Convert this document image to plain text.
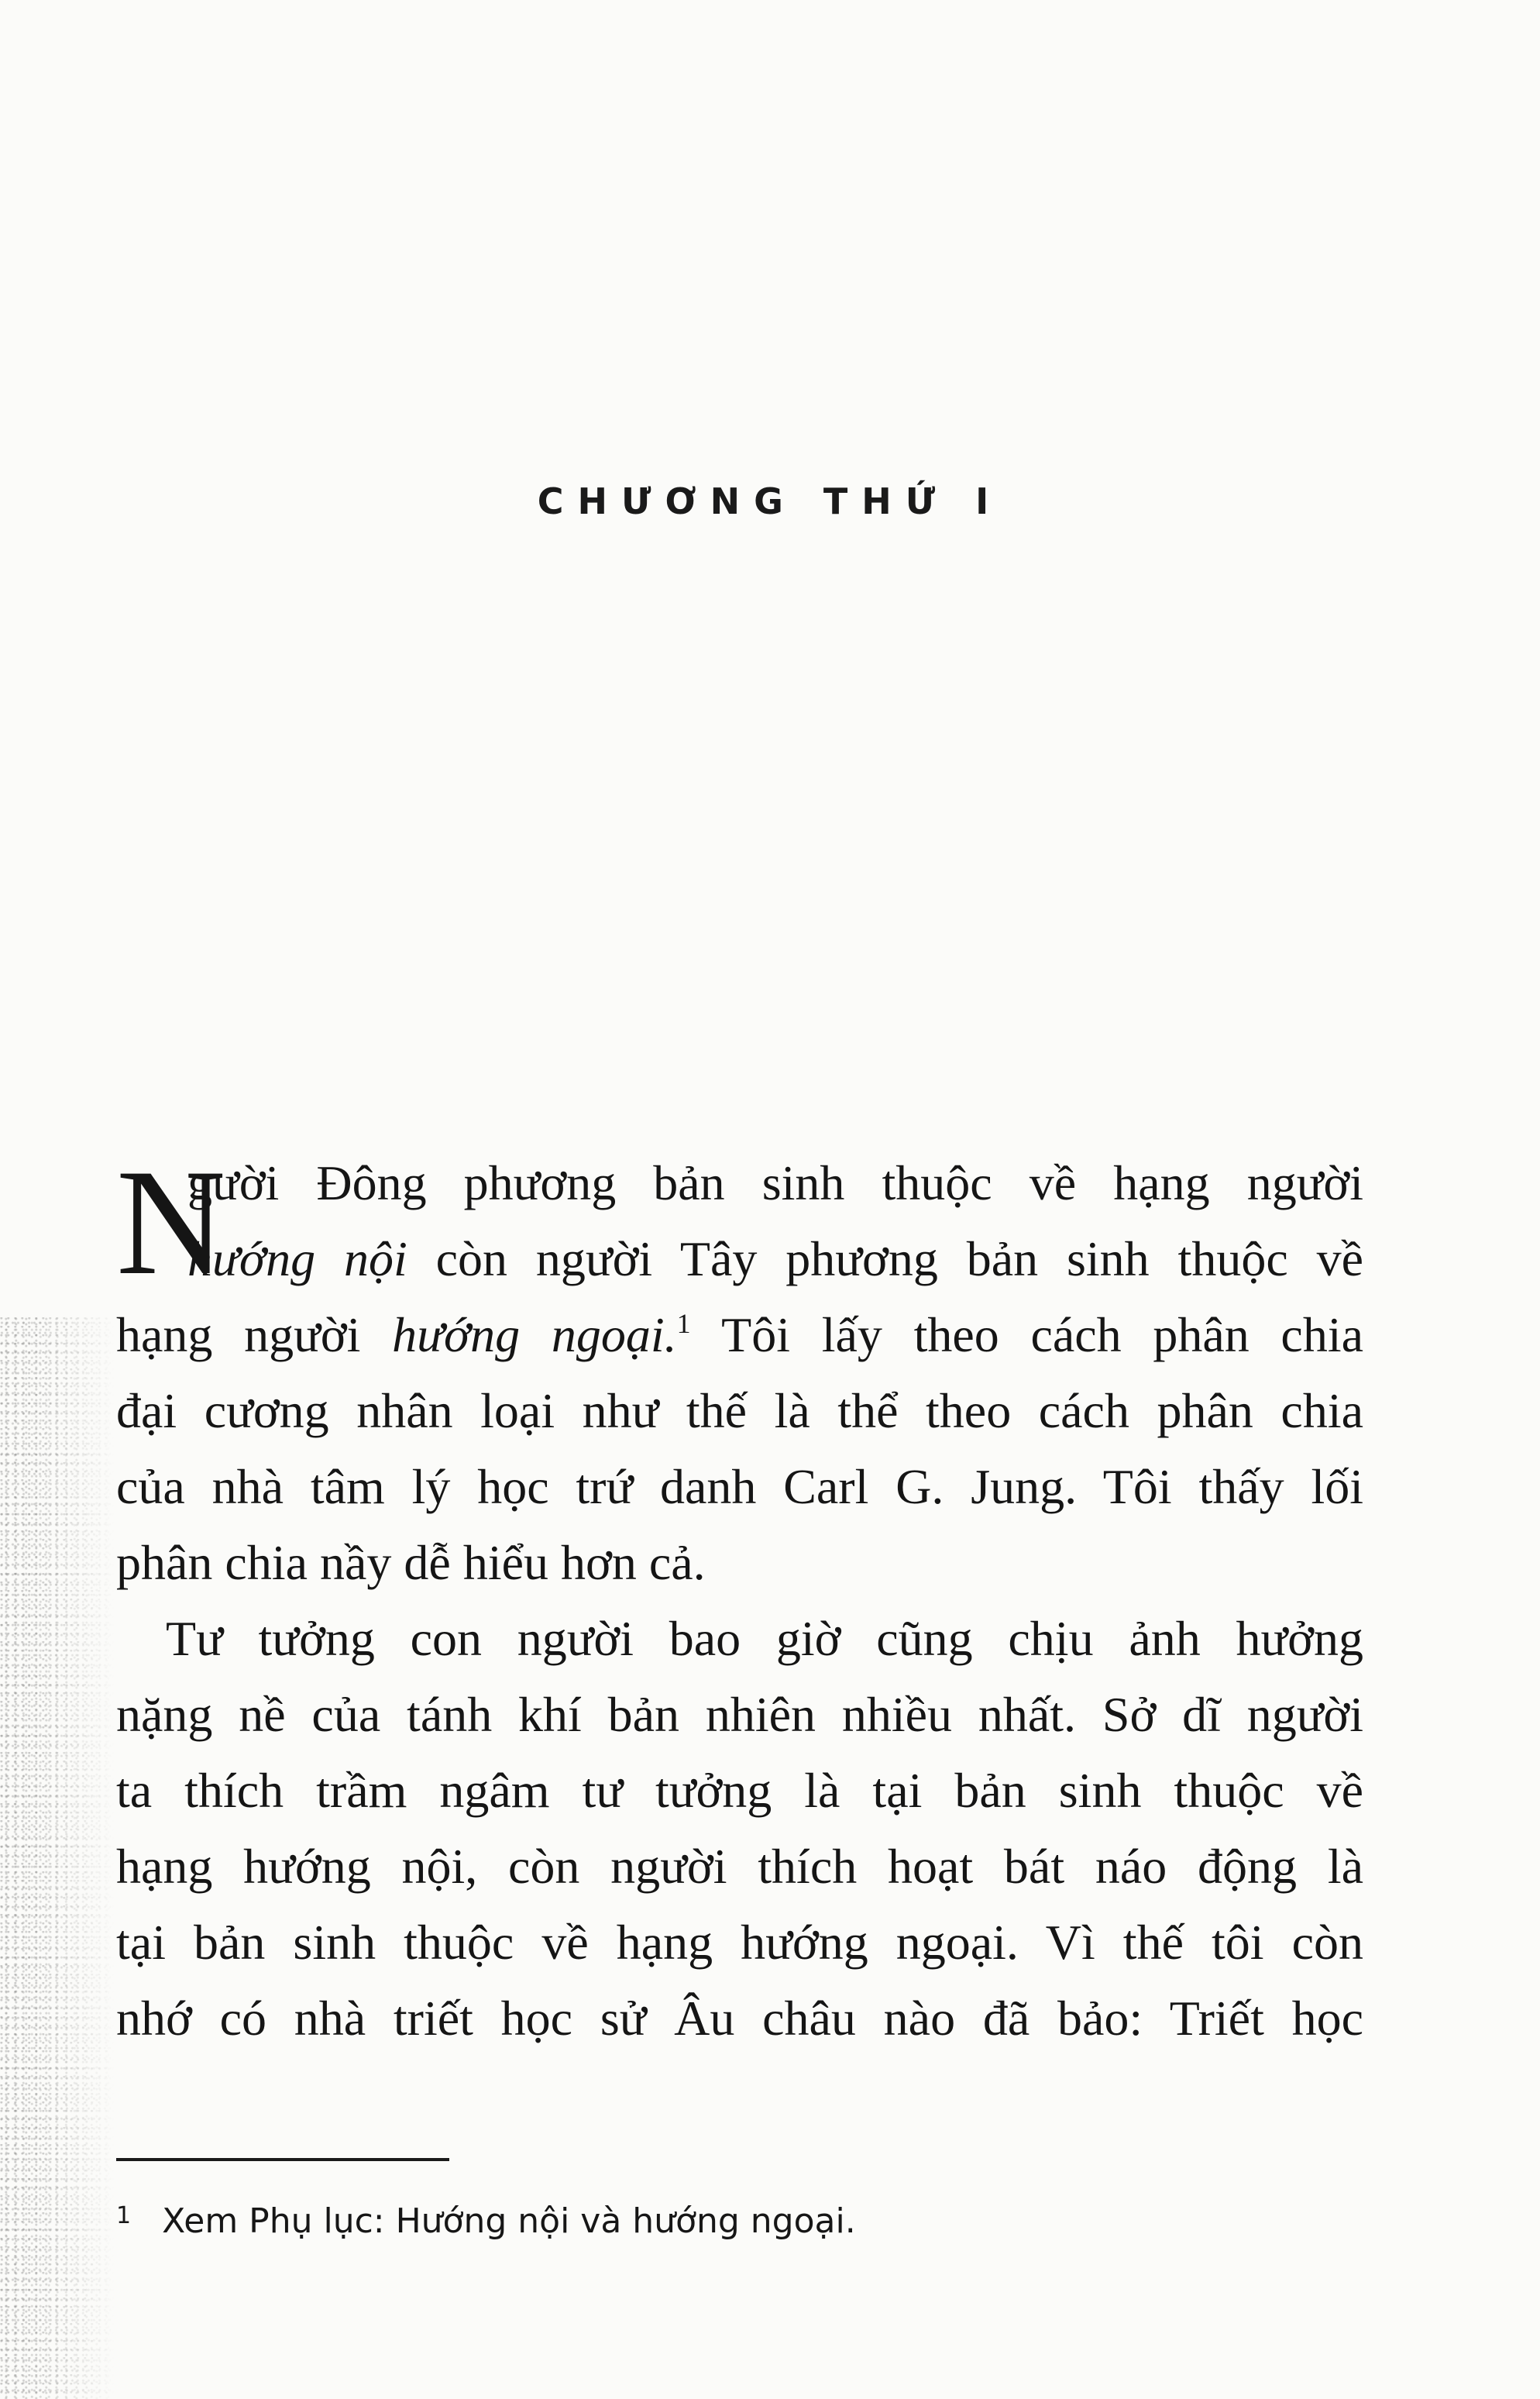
CHƯƠNG THỨ I
N
gười Đông phương bản sinh thuộc về hạng người
hướng nội còn người Tây phương bản sinh thuộc về
hạng người hướng ngoại.$^1$ Tôi lấy theo cách phân chia
đại cương nhân loại như thế là thể theo cách phân chia
của nhà tâm lý học trứ danh Carl G. Jung. Tôi thấy lối
phân chia nầy dễ hiểu hơn cả.
Tư tưởng con người bao giờ cũng chịu ảnh hưởng
nặng nề của tánh khí bản nhiên nhiều nhất. Sở dĩ người
ta thích trầm ngâm tư tưởng là tại bản sinh thuộc về
hạng hướng nội, còn người thích hoạt bát náo động là
tại bản sinh thuộc về hạng hướng ngoại. Vì thế tôi còn
nhớ có nhà triết học sử Âu châu nào đã bảo: Triết học
$^1$ Xem Phụ lục: Hướng nội và hướng ngoại.
